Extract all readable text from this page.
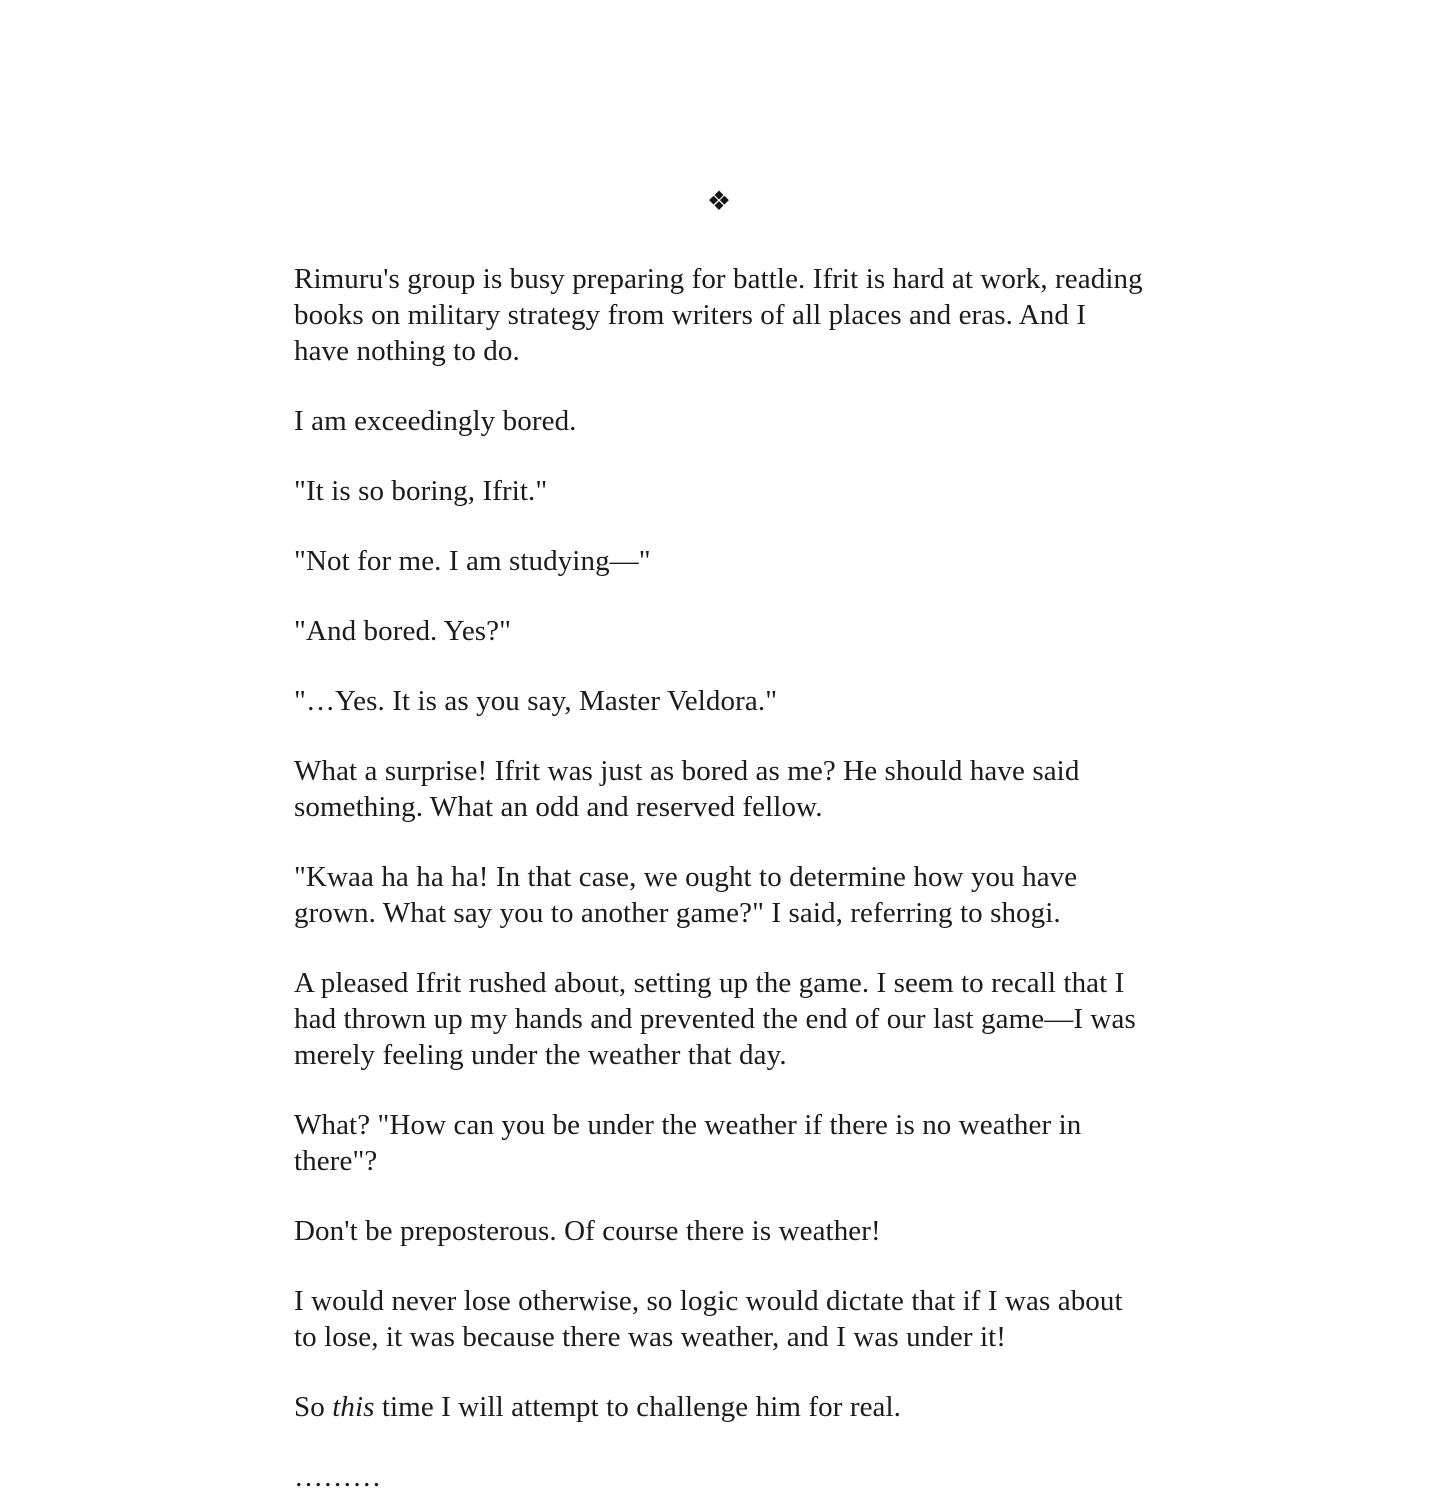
❖

Rimuru's group is busy preparing for battle. Ifrit is hard at work, reading books on military strategy from writers of all places and eras. And I have nothing to do.

I am exceedingly bored.

"It is so boring, Ifrit."

"Not for me. I am studying—"

"And bored. Yes?"

"…Yes. It is as you say, Master Veldora."

What a surprise! Ifrit was just as bored as me? He should have said something. What an odd and reserved fellow.

"Kwaa ha ha ha! In that case, we ought to determine how you have grown. What say you to another game?" I said, referring to shogi.

A pleased Ifrit rushed about, setting up the game. I seem to recall that I had thrown up my hands and prevented the end of our last game—I was merely feeling under the weather that day.

What? "How can you be under the weather if there is no weather in there"?

Don't be preposterous. Of course there is weather!

I would never lose otherwise, so logic would dictate that if I was about to lose, it was because there was weather, and I was under it!

So this time I will attempt to challenge him for real.

………
